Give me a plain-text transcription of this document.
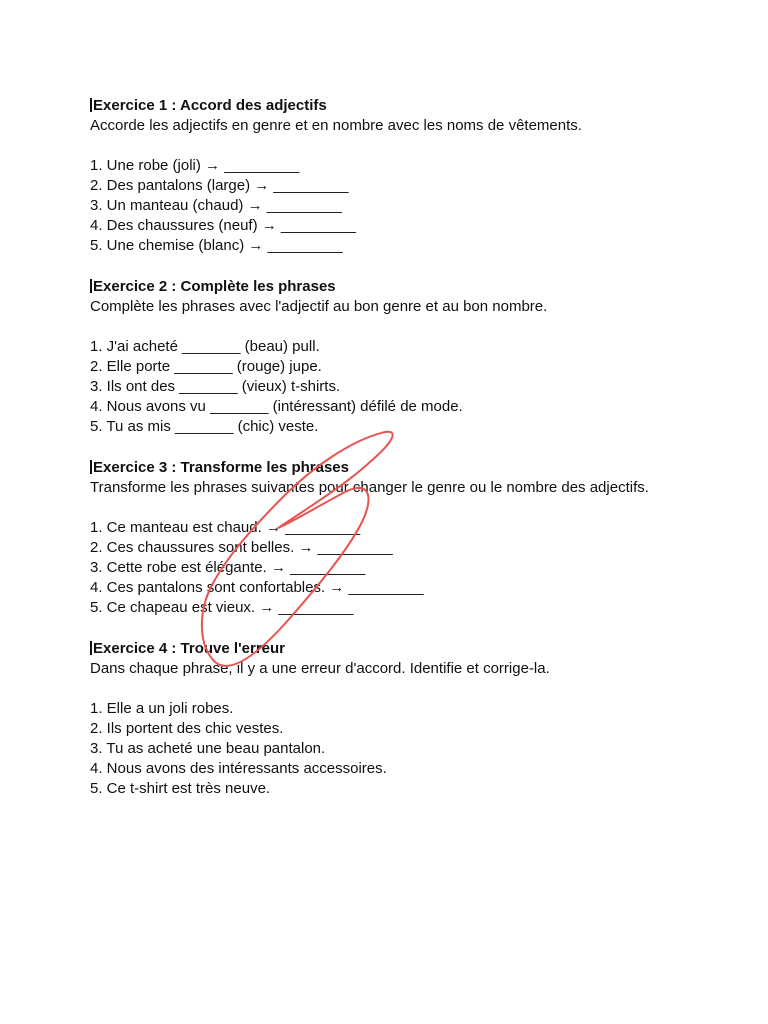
Exercice 1 : Accord des adjectifs
Accorde les adjectifs en genre et en nombre avec les noms de vêtements.
1. Une robe (joli) → _________
2. Des pantalons (large) → _________
3. Un manteau (chaud) → _________
4. Des chaussures (neuf) → _________
5. Une chemise (blanc) → _________
Exercice 2 : Complète les phrases
Complète les phrases avec l'adjectif au bon genre et au bon nombre.
1. J'ai acheté _______ (beau) pull.
2. Elle porte _______ (rouge) jupe.
3. Ils ont des _______ (vieux) t-shirts.
4. Nous avons vu _______ (intéressant) défilé de mode.
5. Tu as mis _______ (chic) veste.
Exercice 3 : Transforme les phrases
Transforme les phrases suivantes pour changer le genre ou le nombre des adjectifs.
1. Ce manteau est chaud. → _________
2. Ces chaussures sont belles. → _________
3. Cette robe est élégante. → _________
4. Ces pantalons sont confortables. → _________
5. Ce chapeau est vieux. → _________
Exercice 4 : Trouve l'erreur
Dans chaque phrase, il y a une erreur d'accord. Identifie et corrige-la.
1. Elle a un joli robes.
2. Ils portent des chic vestes.
3. Tu as acheté une beau pantalon.
4. Nous avons des intéressants accessoires.
5. Ce t-shirt est très neuve.
